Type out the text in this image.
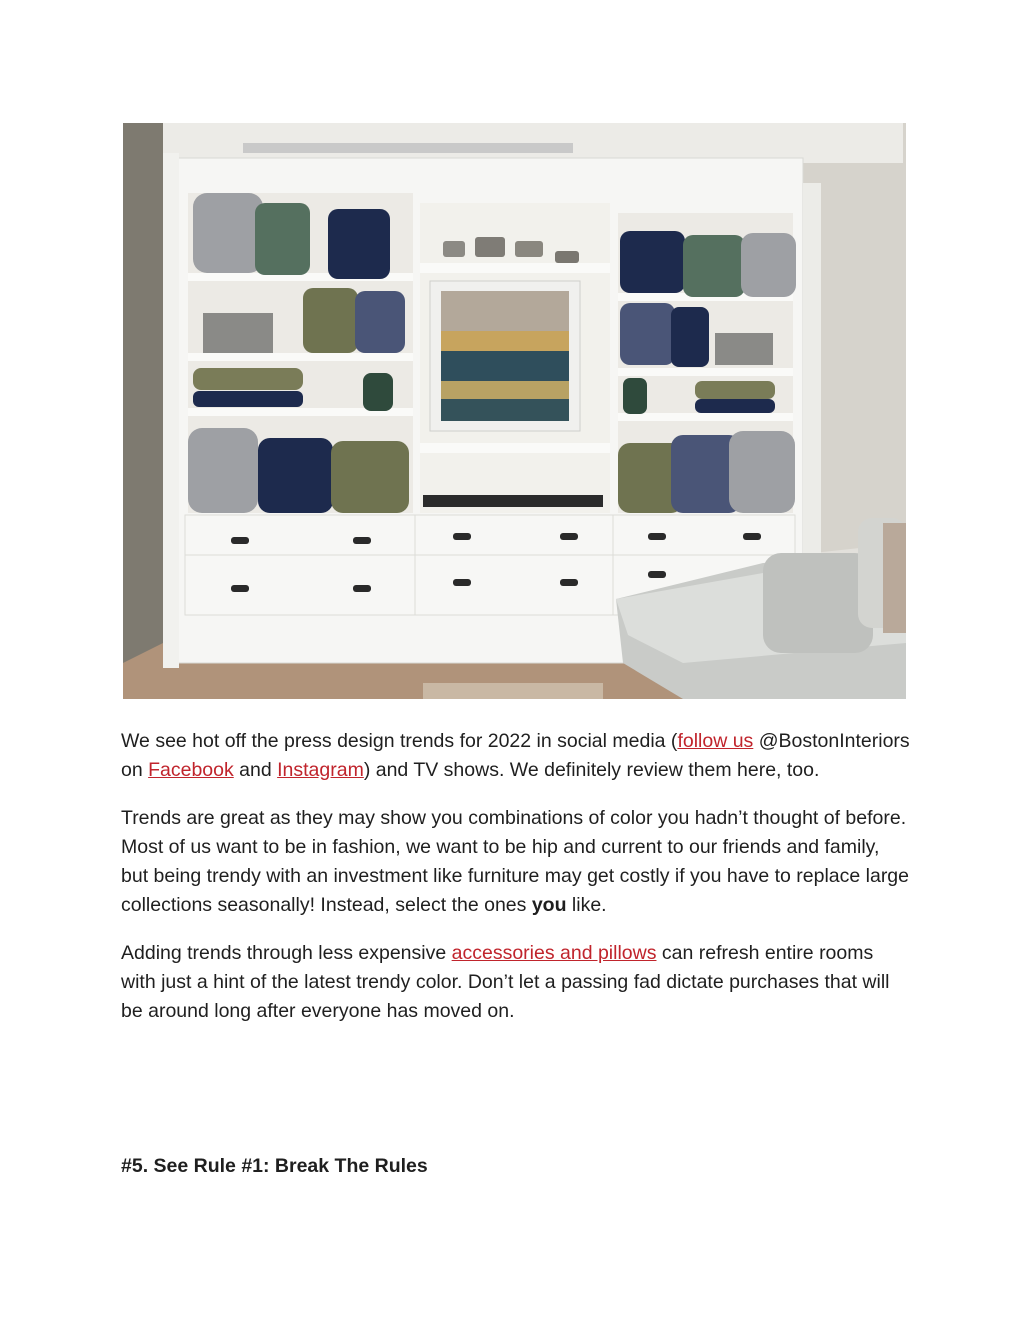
We see hot off the press design trends for 2022 in social media (follow us @BostonInteriors on Facebook and Instagram) and TV shows. We definitely review them here, too.

Trends are great as they may show you combinations of color you hadn’t thought of before. Most of us want to be in fashion, we want to be hip and current to our friends and family, but being trendy with an investment like furniture may get costly if you have to replace large collections seasonally! Instead, select the ones you like.

Adding trends through less expensive accessories and pillows can refresh entire rooms with just a hint of the latest trendy color. Don’t let a passing fad dictate purchases that will be around long after everyone has moved on.

#5. See Rule #1: Break The Rules
